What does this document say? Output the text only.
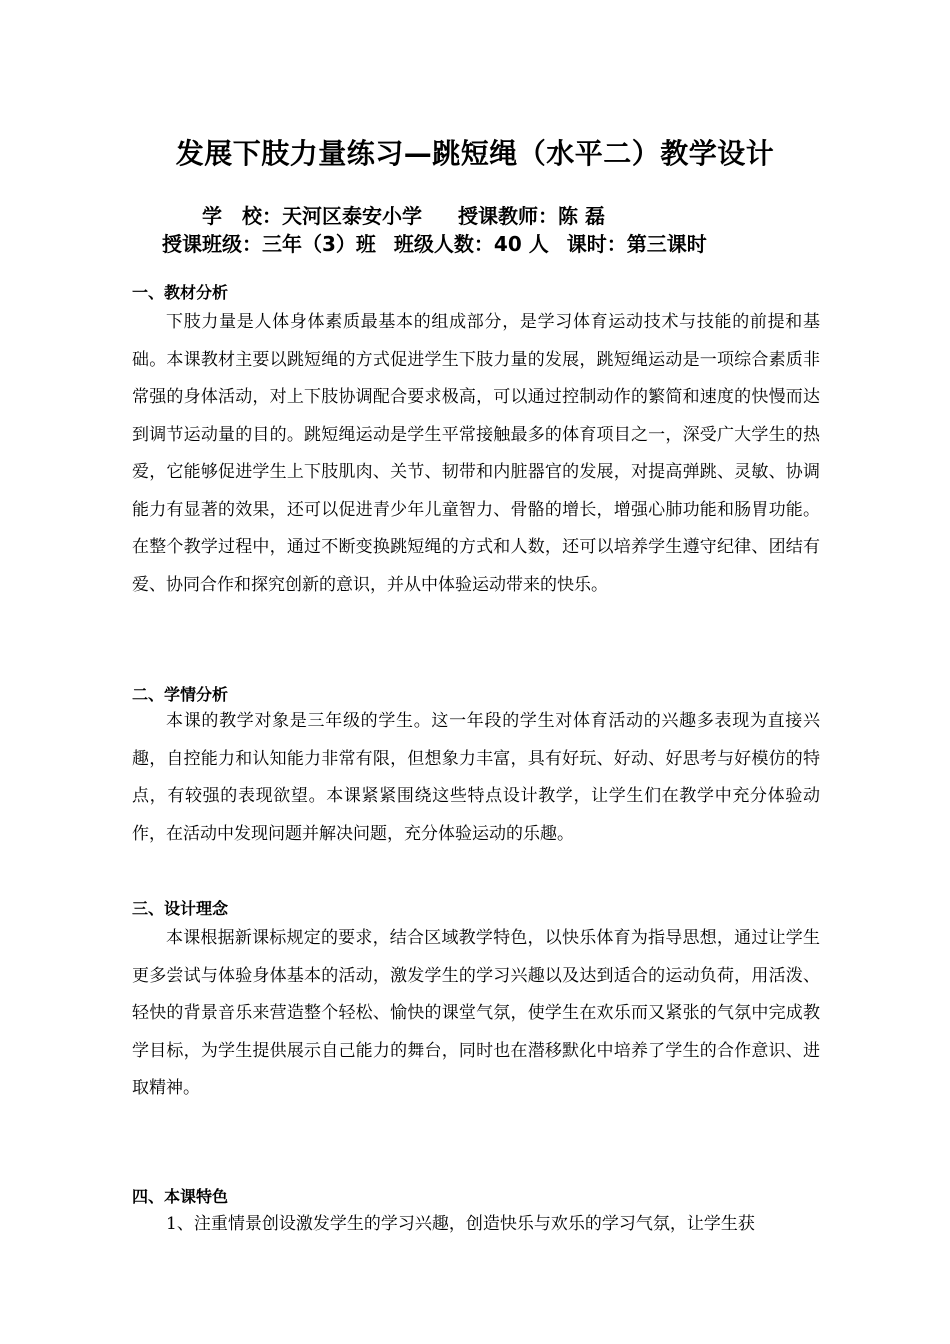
发展下肢力量练习—跳短绳（水平二）教学设计
学　校：天河区泰安小学 授课教师：陈 磊
授课班级：三年（3）班 班级人数：40 人 课时：第三课时
一、教材分析
下肢力量是人体身体素质最基本的组成部分，是学习体育运动技术与技能的前提和基础。本课教材主要以跳短绳的方式促进学生下肢力量的发展，跳短绳运动是一项综合素质非常强的身体活动，对上下肢协调配合要求极高，可以通过控制动作的繁简和速度的快慢而达到调节运动量的目的。跳短绳运动是学生平常接触最多的体育项目之一，深受广大学生的热爱，它能够促进学生上下肢肌肉、关节、韧带和内脏器官的发展，对提高弹跳、灵敏、协调能力有显著的效果，还可以促进青少年儿童智力、骨骼的增长，增强心肺功能和肠胃功能。在整个教学过程中，通过不断变换跳短绳的方式和人数，还可以培养学生遵守纪律、团结有爱、协同合作和探究创新的意识，并从中体验运动带来的快乐。
二、学情分析
本课的教学对象是三年级的学生。这一年段的学生对体育活动的兴趣多表现为直接兴趣，自控能力和认知能力非常有限，但想象力丰富，具有好玩、好动、好思考与好模仿的特点，有较强的表现欲望。本课紧紧围绕这些特点设计教学，让学生们在教学中充分体验动作，在活动中发现问题并解决问题，充分体验运动的乐趣。
三、设计理念
本课根据新课标规定的要求，结合区域教学特色，以快乐体育为指导思想，通过让学生更多尝试与体验身体基本的活动，激发学生的学习兴趣以及达到适合的运动负荷，用活泼、轻快的背景音乐来营造整个轻松、愉快的课堂气氛，使学生在欢乐而又紧张的气氛中完成教学目标，为学生提供展示自己能力的舞台，同时也在潜移默化中培养了学生的合作意识、进取精神。
四、本课特色
1、注重情景创设激发学生的学习兴趣，创造快乐与欢乐的学习气氛，让学生获
